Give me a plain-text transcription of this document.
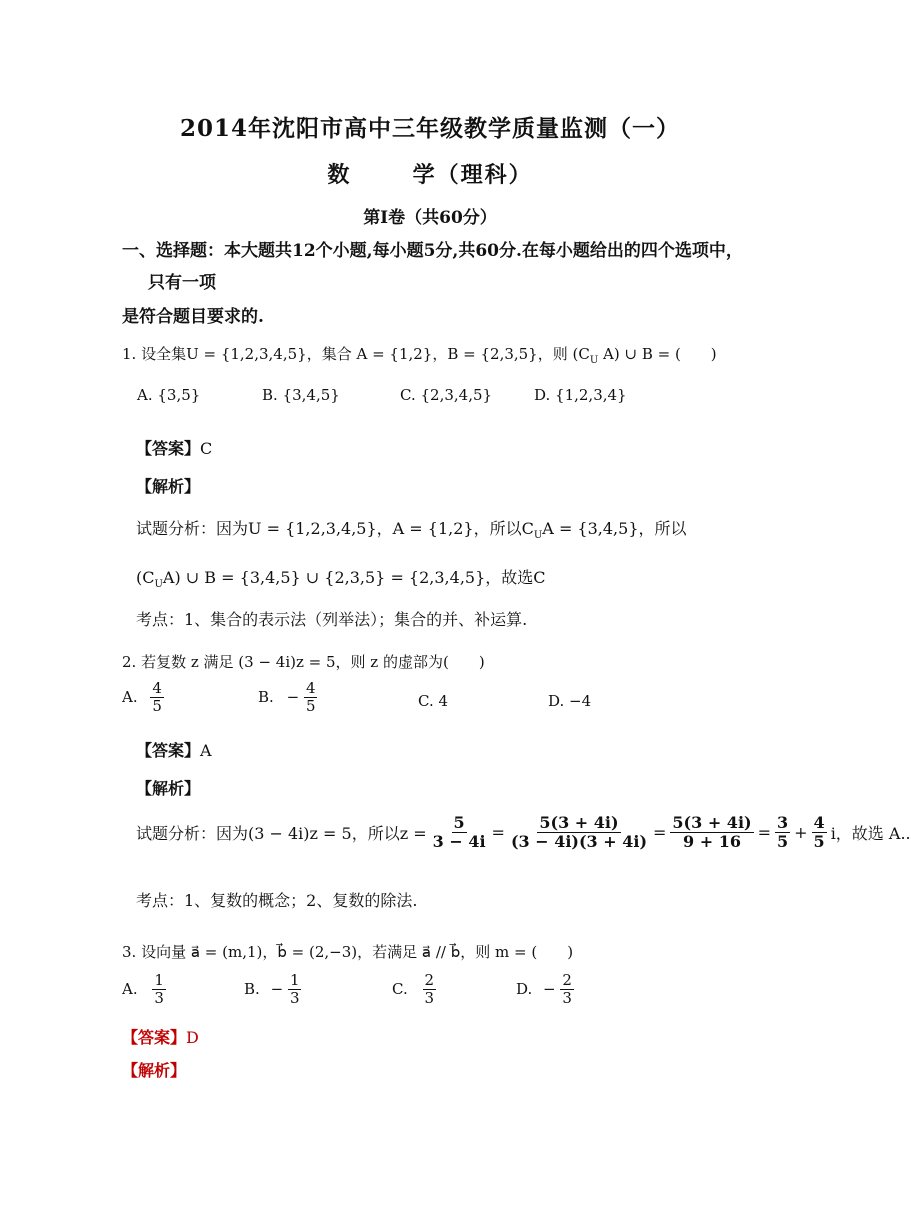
2014年沈阳市高中三年级教学质量监测（一）
数	学（理科）
第Ⅰ卷（共60分）
一、选择题：本大题共12个小题,每小题5分,共60分.在每小题给出的四个选项中，
只有一项
是符合题目要求的.
1. 设全集U = {1,2,3,4,5}，集合 A = {1,2}，B = {2,3,5}，则 ($C_U$ A) ∪ B = (　　)
A. {3,5}	B. {3,4,5}	C. {2,3,4,5}	D. {1,2,3,4}
【答案】C
【解析】
试题分析：因为U = {1,2,3,4,5}，A = {1,2}，所以$C_UA = \{3,4,5\}$，所以
$(C_UA)$ ∪ B = {3,4,5} ∪ {2,3,5} = {2,3,4,5}，故选C
考点：1、集合的表示法（列举法）；集合的并、补运算.
2. 若复数 z 满足 (3 − 4i)z = 5，则 z 的虚部为(　　)
A. $\frac{4}{5}$	B. − $\frac{4}{5}$	C. 4	D. −4
【答案】A
【解析】
试题分析：因为(3 − 4i)z = 5，所以$z = \frac{5}{3 - 4i} = \frac{5(3 + 4i)}{(3 - 4i)(3 + 4i)} = \frac{5(3 + 4i)}{9 + 16} = \frac{3}{5} + \frac{4}{5}$ i，故选 A..
考点：1、复数的概念；2、复数的除法.
3. 设向量 a⃗ = (m,1)，b⃗ = (2,−3)，若满足 a⃗ // b⃗，则 m = (　　)
A. $\frac{1}{3}$	B. − $\frac{1}{3}$	C. $\frac{2}{3}$	D. − $\frac{2}{3}$
【答案】D
【解析】
